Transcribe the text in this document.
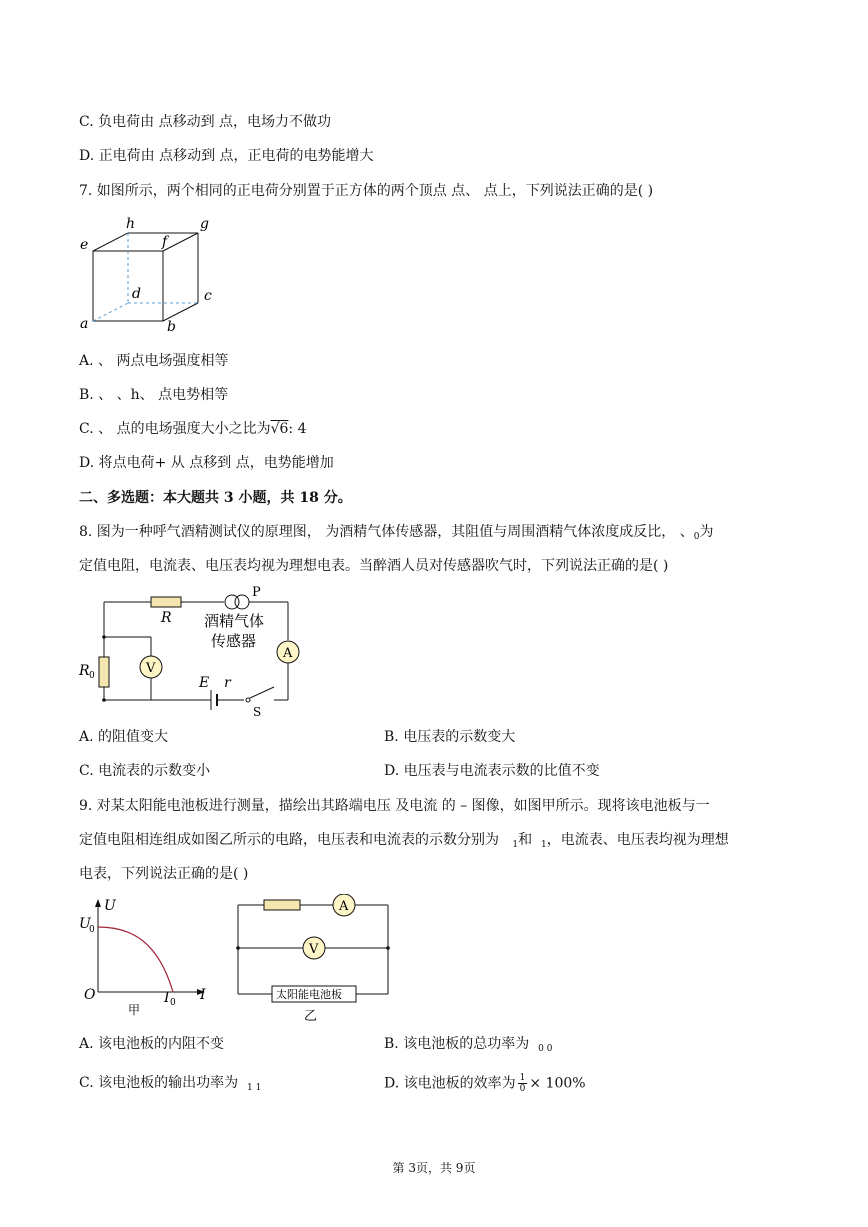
C. 负电荷由 点移动到 点，电场力不做功
D. 正电荷由 点移动到 点，正电荷的电势能增大
7. 如图所示，两个相同的正电荷分别置于正方体的两个顶点 点、 点上，下列说法正确的是( )
a	b
c
d
e	f
g
h
A. 、 两点电场强度相等
B. 、 、h、 点电势相等
C. 、 点的电场强度大小之比为√6: 4
D. 将点电荷+ 从 点移到 点，电势能增加
二、多选题：本大题共 3 小题，共 18 分。
8. 图为一种呼气酒精测试仪的原理图， 为酒精气体传感器，其阻值与周围酒精气体浓度成反比， 、$_0$为
定值电阻，电流表、电压表均视为理想电表。当醉酒人员对传感器吹气时，下列说法正确的是( )
A
V
R
P
酒精气体
传感器
R 0	E r
S
A. 的阻值变大	B. 电压表的示数变大
C. 电流表的示数变小	D. 电压表与电流表示数的比值不变
9. 对某太阳能电池板进行测量，描绘出其路端电压 及电流 的 – 图像，如图甲所示。现将该电池板与一
定值电阻相连组成如图乙所示的电路，电压表和电流表的示数分别为 $_1$和 $_1$，电流表、电压表均视为理想
电表，下列说法正确的是( )
U
U
0
O	I
I 0
甲
A
V
太阳能电池板
乙
A. 该电池板的内阻不变	B. 该电池板的总功率为 $_{0 0}$
C. 该电池板的输出功率为 $_{1 1}$	D. 该电池板的效率为 $\frac{1}{0} \times 100\%$
第 3页，共 9页
